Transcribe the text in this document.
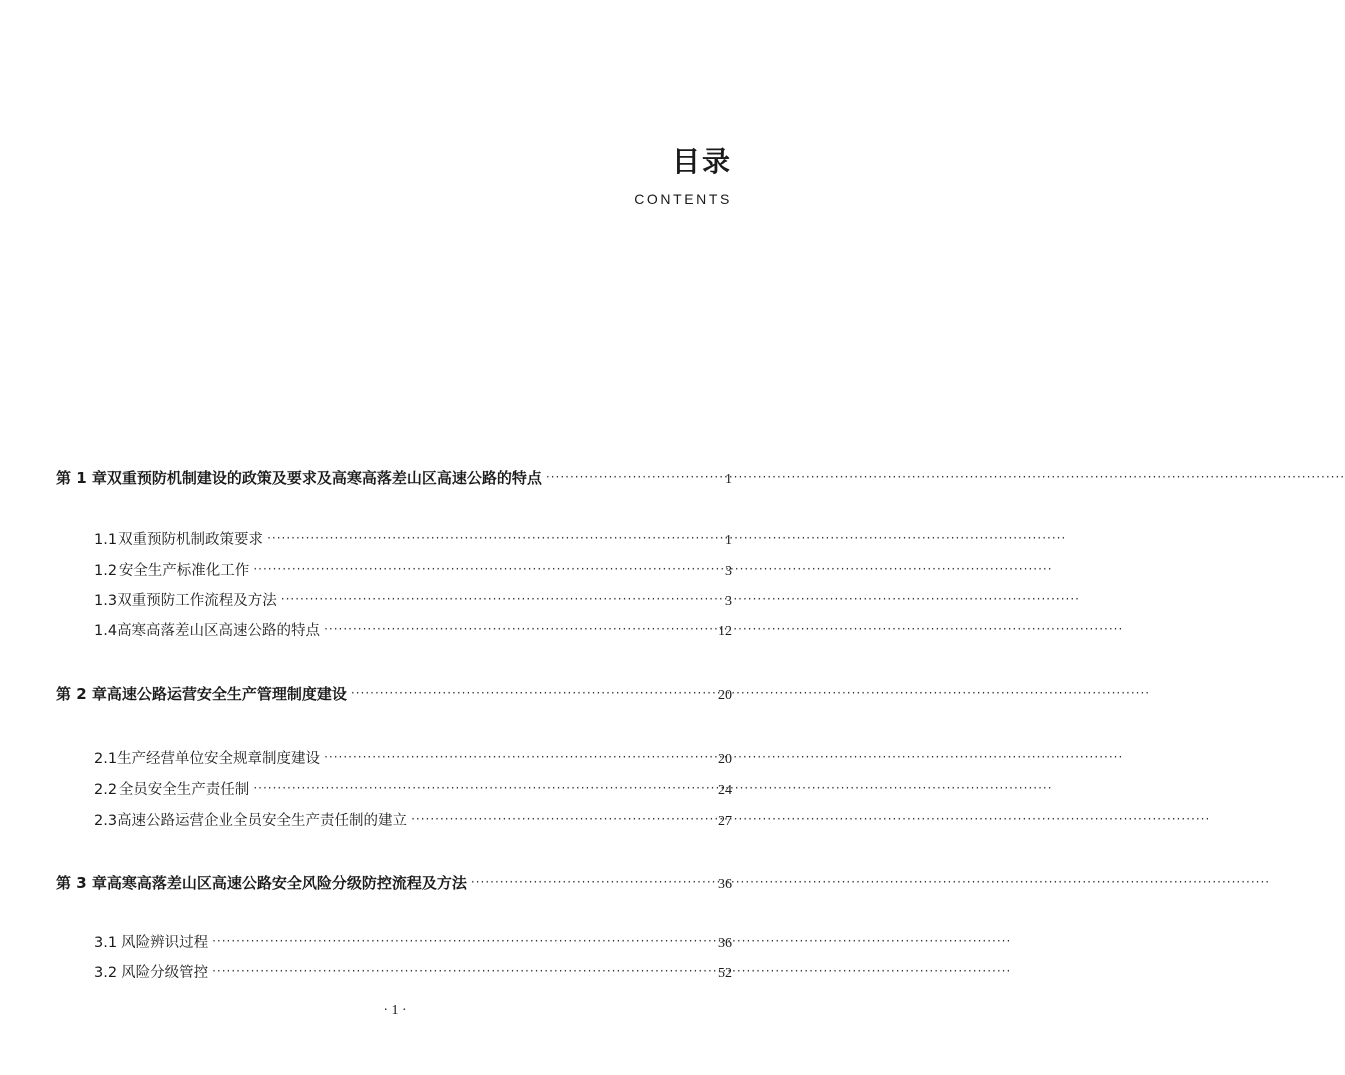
目录
CONTENTS
第 1 章 双重预防机制建设的政策及要求及高寒高落差山区高速公路的特点 ·····	1
1.1 双重预防机制政策要求 ·····	1
1.2 安全生产标准化工作 ·····	3
1.3 双重预防工作流程及方法 ·····	3
1.4 高寒高落差山区高速公路的特点 ·····	12
第 2 章 高速公路运营安全生产管理制度建设 ·····	20
2.1 生产经营单位安全规章制度建设 ·····	20
2.2 全员安全生产责任制 ·····	24
2.3 高速公路运营企业全员安全生产责任制的建立 ·····	27
第 3 章 高寒高落差山区高速公路安全风险分级防控流程及方法 ·····	36
3.1 风险辨识过程 ·····	36
3.2 风险分级管控 ·····	52
· 1 ·
